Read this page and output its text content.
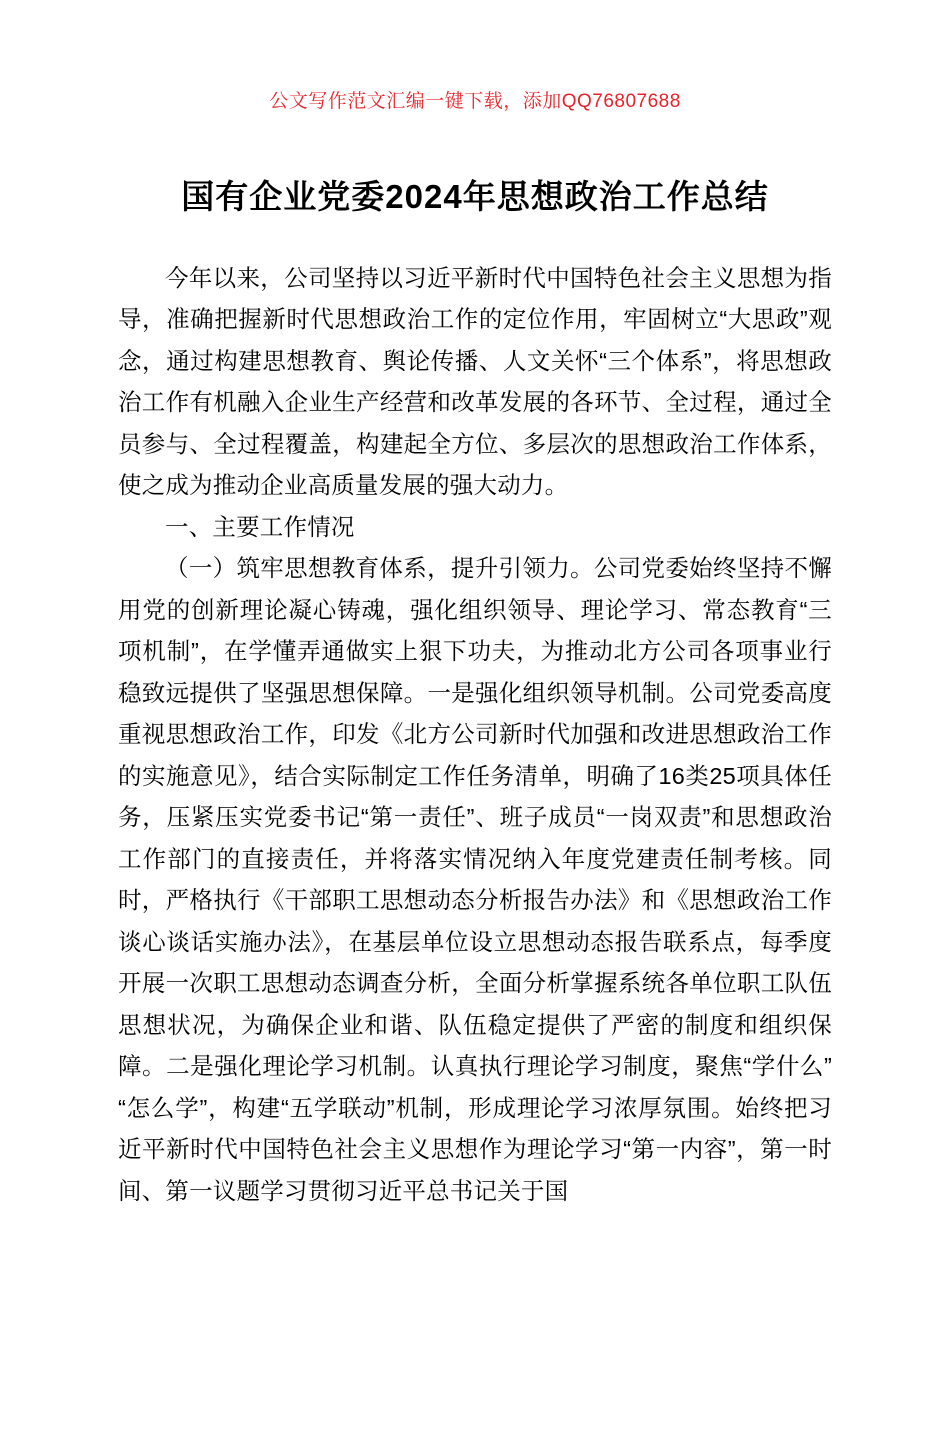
公文写作范文汇编一键下载，添加QQ76807688
国有企业党委2024年思想政治工作总结

今年以来，公司坚持以习近平新时代中国特色社会主义思想为指导，准确把握新时代思想政治工作的定位作用，牢固树立“大思政”观念，通过构建思想教育、舆论传播、人文关怀“三个体系”，将思想政治工作有机融入企业生产经营和改革发展的各环节、全过程，通过全员参与、全过程覆盖，构建起全方位、多层次的思想政治工作体系，使之成为推动企业高质量发展的强大动力。

一、主要工作情况

（一）筑牢思想教育体系，提升引领力。公司党委始终坚持不懈用党的创新理论凝心铸魂，强化组织领导、理论学习、常态教育“三项机制”，在学懂弄通做实上狠下功夫，为推动北方公司各项事业行稳致远提供了坚强思想保障。一是强化组织领导机制。公司党委高度重视思想政治工作，印发《北方公司新时代加强和改进思想政治工作的实施意见》，结合实际制定工作任务清单，明确了16类25项具体任务，压紧压实党委书记“第一责任”、班子成员“一岗双责”和思想政治工作部门的直接责任，并将落实情况纳入年度党建责任制考核。同时，严格执行《干部职工思想动态分析报告办法》和《思想政治工作谈心谈话实施办法》，在基层单位设立思想动态报告联系点，每季度开展一次职工思想动态调查分析，全面分析掌握系统各单位职工队伍思想状况，为确保企业和谐、队伍稳定提供了严密的制度和组织保障。二是强化理论学习机制。认真执行理论学习制度，聚焦“学什么”“怎么学”，构建“五学联动”机制，形成理论学习浓厚氛围。始终把习近平新时代中国特色社会主义思想作为理论学习“第一内容”，第一时间、第一议题学习贯彻习近平总书记关于国
